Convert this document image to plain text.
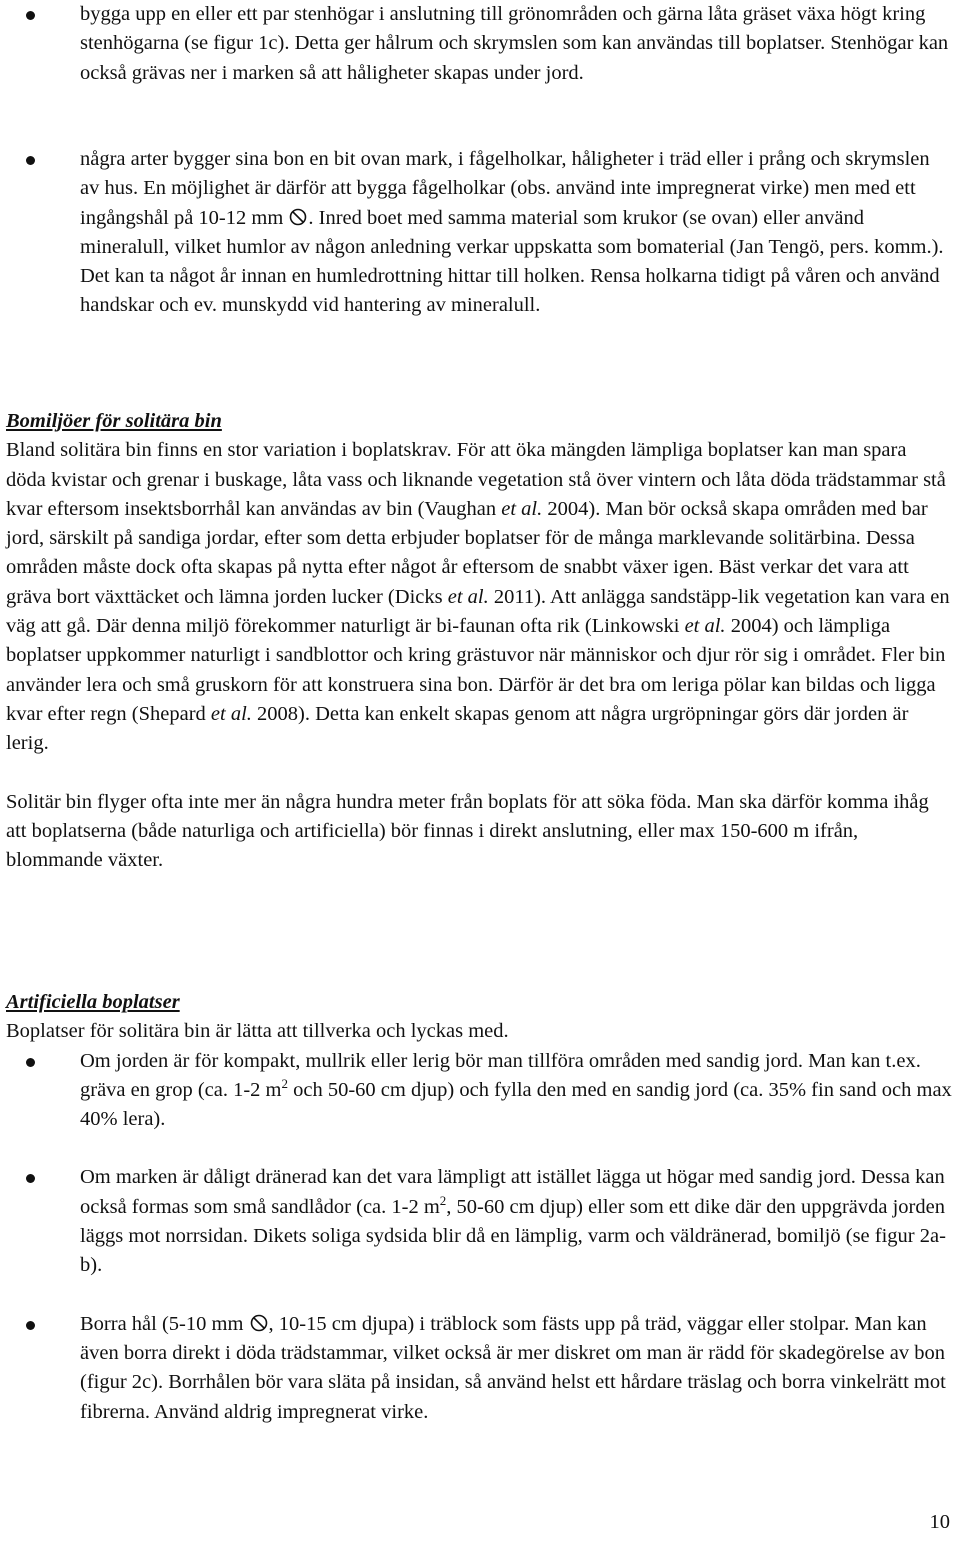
bygga upp en eller ett par stenhögar i anslutning till grönområden och gärna låta gräset växa högt kring stenhögarna (se figur 1c). Detta ger hålrum och skrymslen som kan användas till boplatser. Stenhögar kan också grävas ner i marken så att håligheter skapas under jord.
några arter bygger sina bon en bit ovan mark, i fågelholkar, håligheter i träd eller i prång och skrymslen av hus. En möjlighet är därför att bygga fågelholkar (obs. använd inte impregnerat virke) men med ett ingångshål på 10-12 mm
. Inred boet med samma material som krukor (se ovan) eller använd mineralull, vilket humlor av någon anledning verkar uppskatta som bomaterial (Jan Tengö, pers. komm.). Det kan ta något år innan en humledrottning hittar till holken. Rensa holkarna tidigt på våren och använd handskar och ev. munskydd vid hantering av mineralull.
Bomiljöer för solitära bin
Bland solitära bin finns en stor variation i boplatskrav. För att öka mängden lämpliga boplatser kan man spara döda kvistar och grenar i buskage, låta vass och liknande vegetation stå över vintern och låta döda trädstammar stå kvar eftersom insektsborrhål kan användas av bin (Vaughan et al. 2004). Man bör också skapa områden med bar jord, särskilt på sandiga jordar, efter som detta erbjuder boplatser för de många marklevande solitärbina. Dessa områden måste dock ofta skapas på nytta efter något år eftersom de snabbt växer igen. Bäst verkar det vara att gräva bort växttäcket och lämna jorden lucker (Dicks et al. 2011). Att anlägga sandstäpp-lik vegetation kan vara en väg att gå. Där denna miljö förekommer naturligt är bi-faunan ofta rik (Linkowski et al. 2004) och lämpliga boplatser uppkommer naturligt i sandblottor och kring grästuvor när människor och djur rör sig i området. Fler bin använder lera och små gruskorn för att konstruera sina bon. Därför är det bra om leriga pölar kan bildas och ligga kvar efter regn (Shepard et al. 2008). Detta kan enkelt skapas genom att några urgröpningar görs där jorden är lerig.
Solitär bin flyger ofta inte mer än några hundra meter från boplats för att söka föda. Man ska därför komma ihåg att boplatserna (både naturliga och artificiella) bör finnas i direkt anslutning, eller max 150-600 m ifrån, blommande växter.
Artificiella boplatser
Boplatser för solitära bin är lätta att tillverka och lyckas med.
Om jorden är för kompakt, mullrik eller lerig bör man tillföra områden med sandig jord. Man kan t.ex. gräva en grop (ca. 1-2 $m^2$ och 50-60 cm djup) och fylla den med en sandig jord (ca. 35% fin sand och max 40% lera).
Om marken är dåligt dränerad kan det vara lämpligt att istället lägga ut högar med sandig jord. Dessa kan också formas som små sandlådor (ca. 1-2 $m^2$, 50-60 cm djup) eller som ett dike där den uppgrävda jorden läggs mot norrsidan. Dikets soliga sydsida blir då en lämplig, varm och väldränerad, bomiljö (se figur 2a-b).
Borra hål (5-10 mm
, 10-15 cm djupa) i träblock som fästs upp på träd, väggar eller stolpar. Man kan även borra direkt i döda trädstammar, vilket också är mer diskret om man är rädd för skadegörelse av bon (figur 2c). Borrhålen bör vara släta på insidan, så använd helst ett hårdare träslag och borra vinkelrätt mot fibrerna. Använd aldrig impregnerat virke.
10
